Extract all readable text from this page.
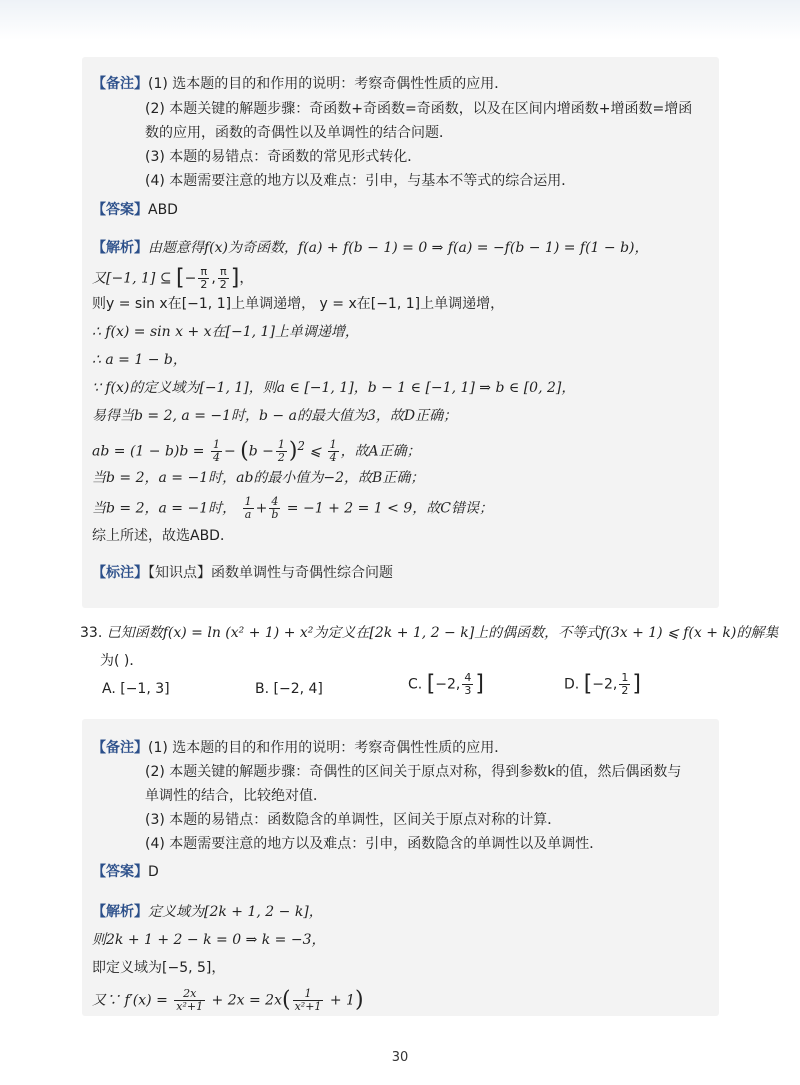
【备注】(1) 选本题的目的和作用的说明：考察奇偶性性质的应用．
(2) 本题关键的解题步骤：奇函数+奇函数=奇函数，以及在区间内增函数+增函数=增函
数的应用，函数的奇偶性以及单调性的结合问题．
(3) 本题的易错点：奇函数的常见形式转化．
(4) 本题需要注意的地方以及难点：引申，与基本不等式的综合运用．
【答案】ABD
【解析】由题意得f(x)为奇函数，f(a) + f(b − 1) = 0 ⇒ f(a) = −f(b − 1) = f(1 − b)，
又[−1, 1] ⊆ [− $\frac{\pi}{2}$ , $\frac{\pi}{2}$ ]，
则y = sin x在[−1, 1]上单调递增， y = x在[−1, 1]上单调递增，
∴ f(x) = sin x + x在[−1, 1]上单调递增，
∴ a = 1 − b，
∵ f(x)的定义域为[−1, 1]，则a ∈ [−1, 1]，b − 1 ∈ [−1, 1] ⇒ b ∈ [0, 2]，
易得当b = 2, a = −1时，b − a的最大值为3，故D正确；
ab = $(1 - b)b = \frac{1}{4} - (b - \frac{1}{2} )^2$ ⩽ $\frac{1}{4}$ ，故A正确；
当b = 2，a = −1时，ab的最小值为−2，故B正确；
当b = 2，a = −1时， $\frac{1}{a} + \frac{4}{b} = -1 + 2 = 1 < 9$，故C错误；
综上所述，故选ABD．
【标注】【知识点】函数单调性与奇偶性综合问题
33. 已知函数f(x) = ln (x² + 1) + x²为定义在[2k + 1, 2 − k]上的偶函数，不等式f(3x + 1) ⩽ f(x + k)的解集
为( )．
A. [−1, 3]	B. [−2, 4]	C. [−2, $\frac{4}{3}$ ]	D. [−2, $\frac{1}{2}$ ]
【备注】(1) 选本题的目的和作用的说明：考察奇偶性性质的应用．
(2) 本题关键的解题步骤：奇偶性的区间关于原点对称，得到参数k的值，然后偶函数与
单调性的结合，比较绝对值．
(3) 本题的易错点：函数隐含的单调性，区间关于原点对称的计算．
(4) 本题需要注意的地方以及难点：引申，函数隐含的单调性以及单调性．
【答案】D
【解析】定义域为[2k + 1, 2 − k]，
则2k + 1 + 2 − k = 0 ⇒ k = −3，
即定义域为[−5, 5]，
又∵ $f'(x) = \frac{2x}{\text{x²+1}} + 2x = 2x( \frac{1}{\text{x²+1}} + 1)$
30
